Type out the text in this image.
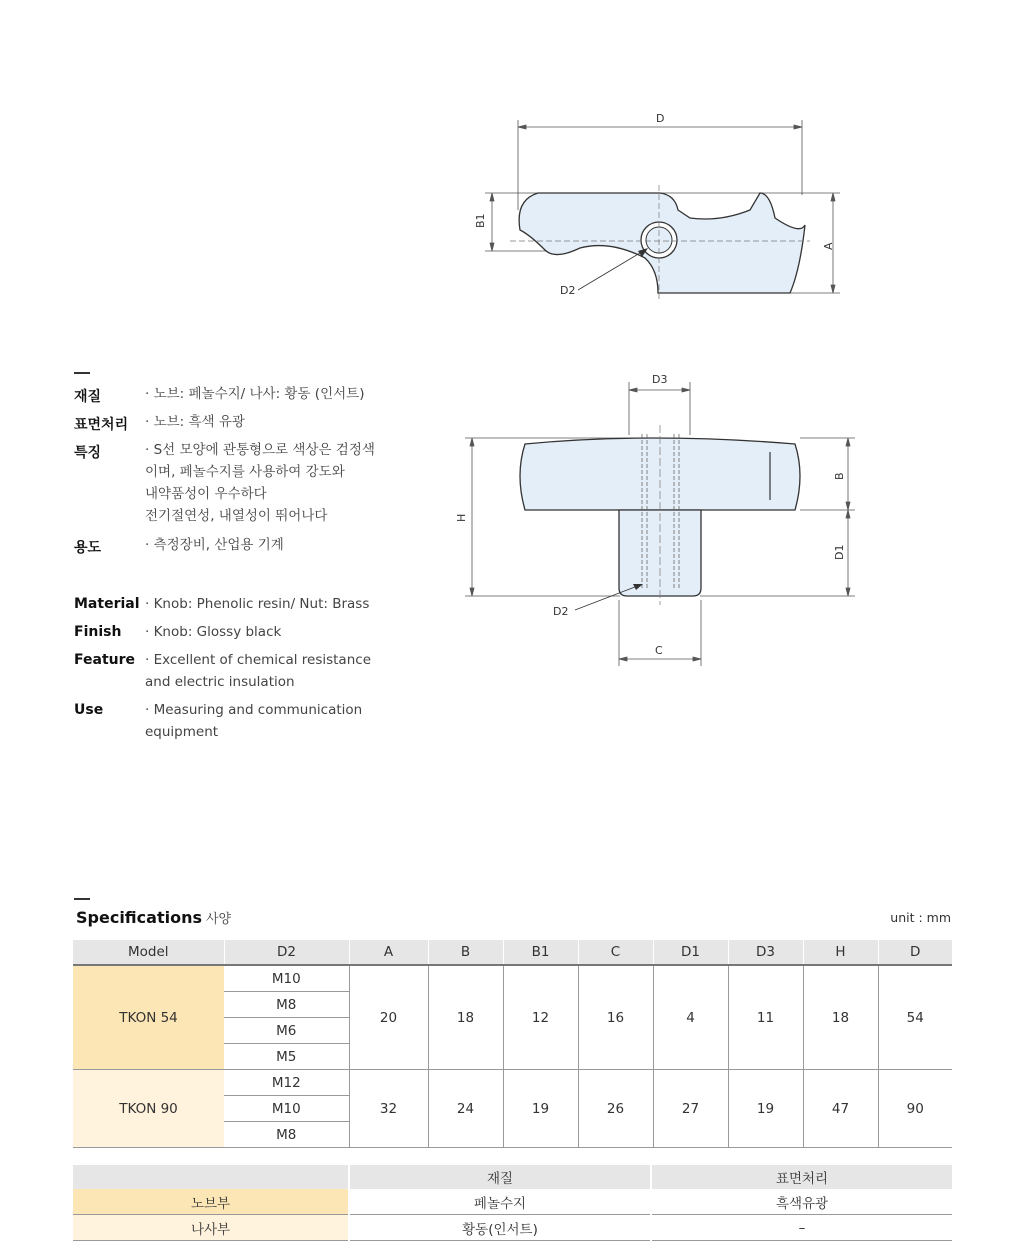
D
B1
A
D2
D3
H
B
D1
D2
C
재질	· 노브: 페놀수지/ 나사: 황동 (인서트)
표면처리 · 노브: 흑색 유광
특징	· S선 모양에 관통형으로 색상은 검정색
이며, 페놀수지를 사용하여 강도와
내약품성이 우수하다
전기절연성, 내열성이 뛰어나다
용도	· 측정장비, 산업용 기계
Material · Knob: Phenolic resin/ Nut: Brass
Finish · Knob: Glossy black
Feature · Excellent of chemical resistance
and electric insulation
Use	· Measuring and communication
equipment
Specifications 사양	unit : mm
Model	D2	A	B	B1	C	D1	D3	H	D
TKON 54	M10	20	18	12	16	4	11	18	54
	M8								
	M6								
	M5								
TKON 90	M12	32	24	19	26	27	19	47	90
	M10								
	M8								
	재질	표면처리
노브부	페놀수지	흑색유광
나사부	황동(인서트)	–
